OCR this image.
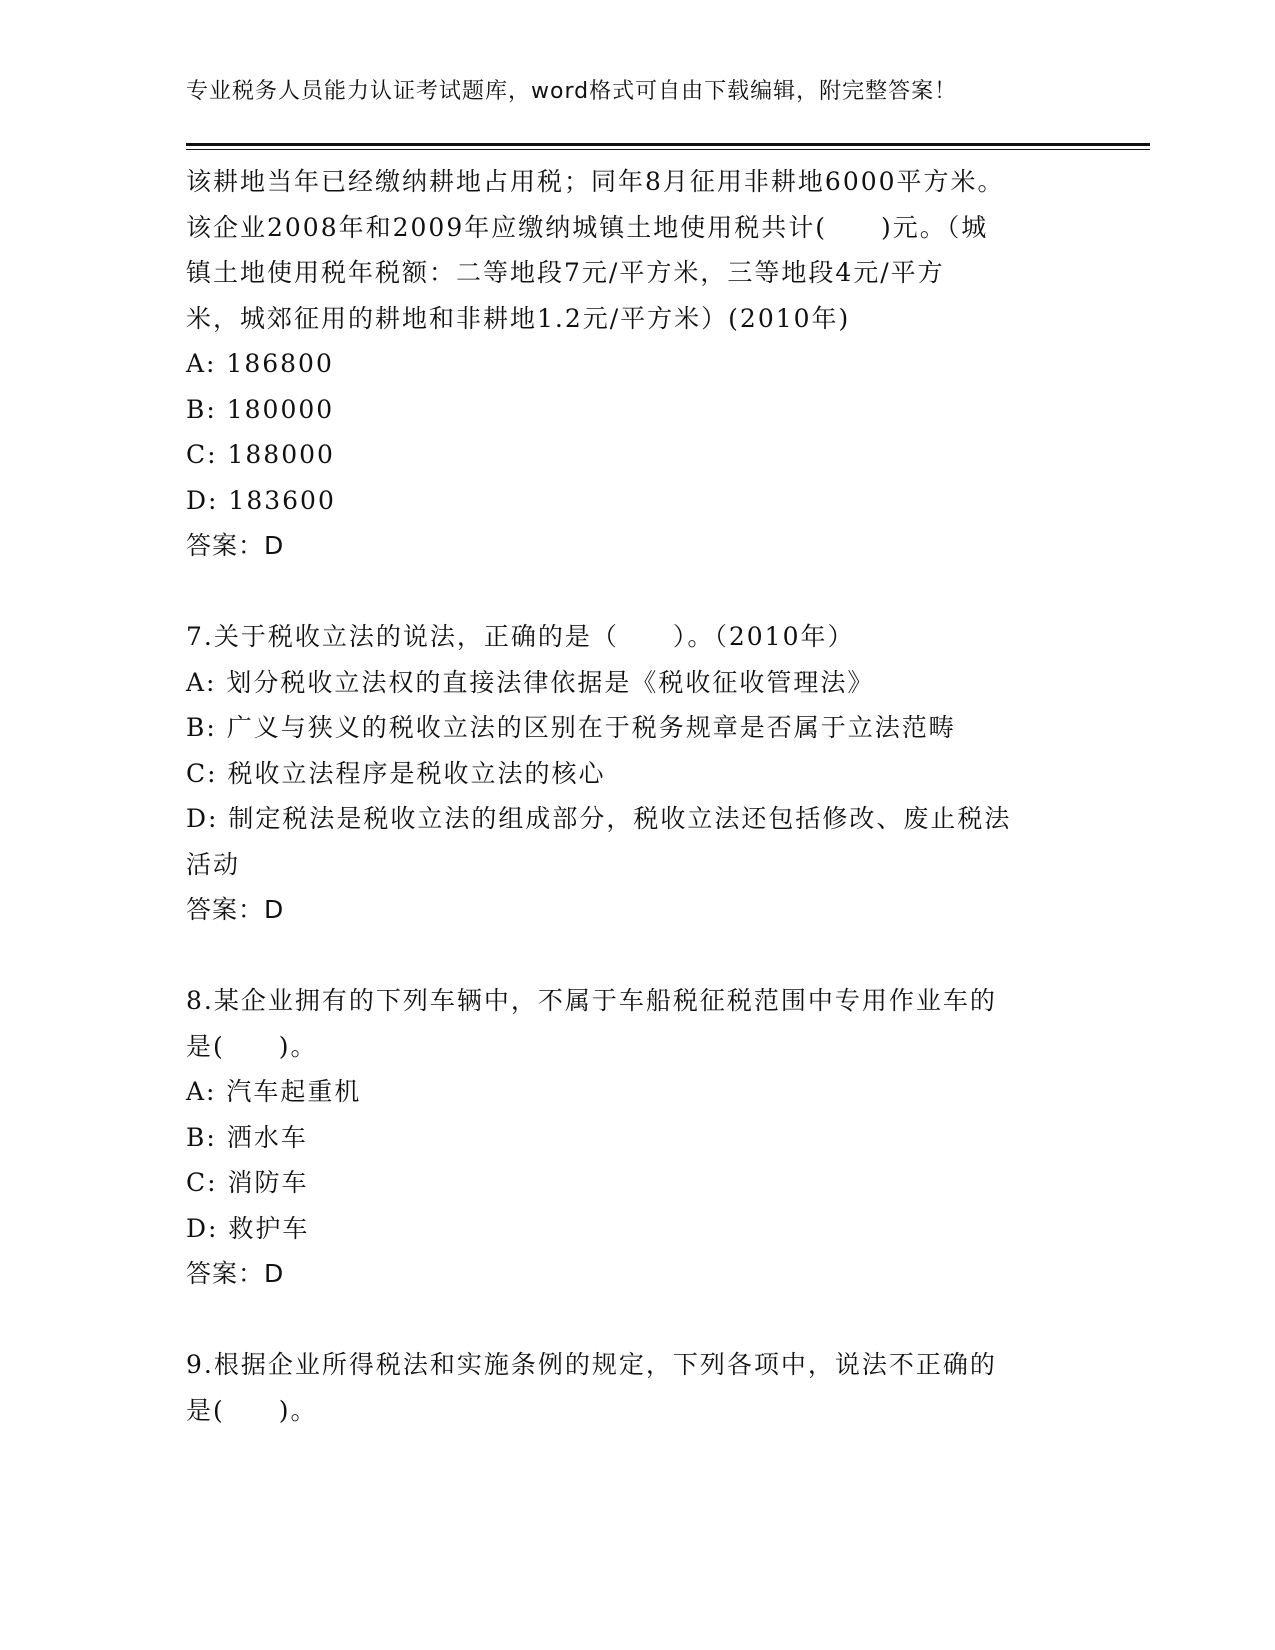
专业税务人员能力认证考试题库，word格式可自由下载编辑，附完整答案！
该耕地当年已经缴纳耕地占用税；同年8月征用非耕地6000平方米。
该企业2008年和2009年应缴纳城镇土地使用税共计(　　)元。（城
镇土地使用税年税额：二等地段7元/平方米，三等地段4元/平方
米，城郊征用的耕地和非耕地1.2元/平方米）(2010年)
A: 186800
B: 180000
C: 188000
D: 183600
答案：D
7.关于税收立法的说法，正确的是（　　）。（2010年）
A: 划分税收立法权的直接法律依据是《税收征收管理法》
B: 广义与狭义的税收立法的区别在于税务规章是否属于立法范畴
C: 税收立法程序是税收立法的核心
D: 制定税法是税收立法的组成部分，税收立法还包括修改、废止税法
活动
答案：D
8.某企业拥有的下列车辆中，不属于车船税征税范围中专用作业车的
是(　　)。
A: 汽车起重机
B: 洒水车
C: 消防车
D: 救护车
答案：D
9.根据企业所得税法和实施条例的规定，下列各项中，说法不正确的
是(　　)。
